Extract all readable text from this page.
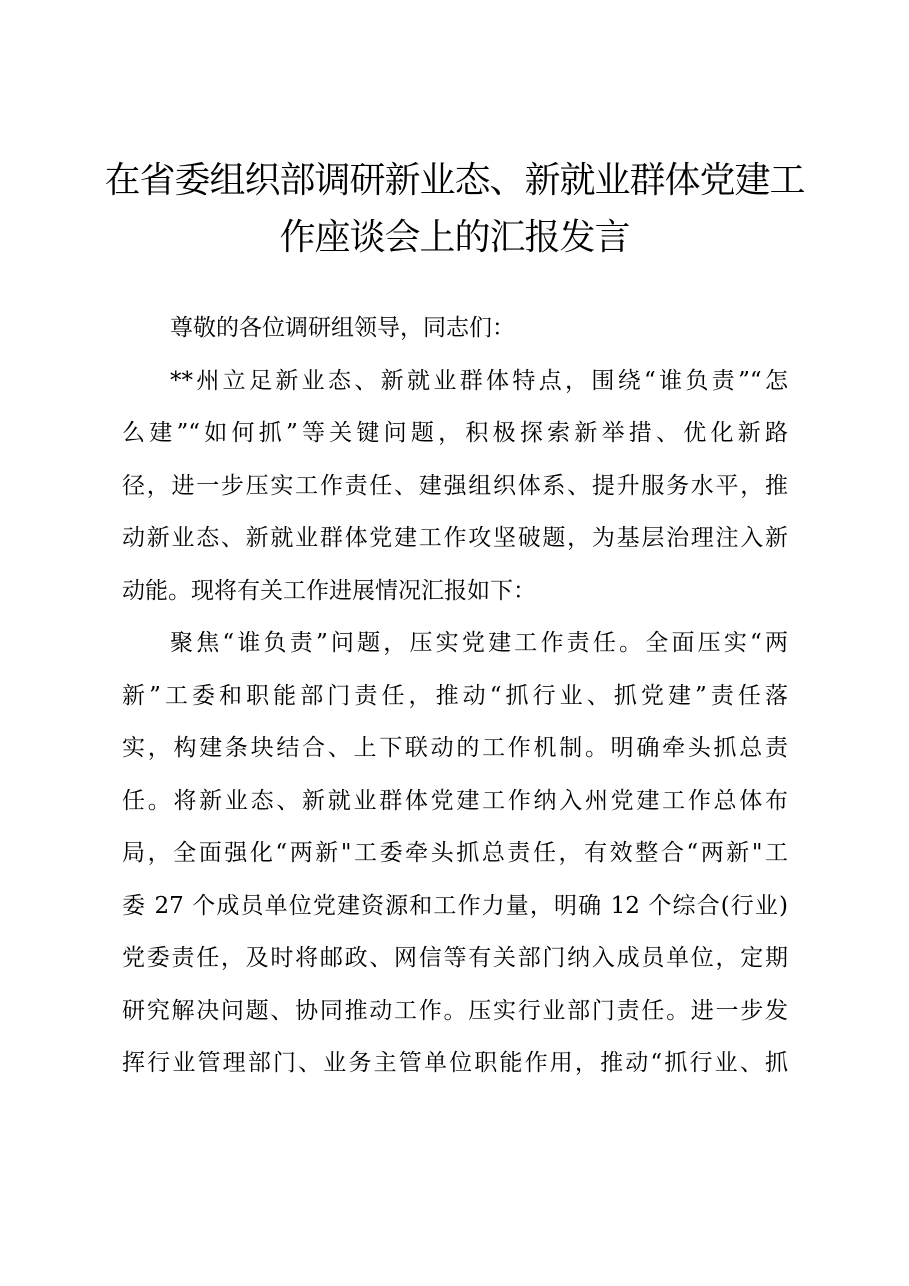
在省委组织部调研新业态、新就业群体党建工
作座谈会上的汇报发言
尊敬的各位调研组领导，同志们：
**州立足新业态、新就业群体特点，围绕“谁负责”“怎
么建”“如何抓”等关键问题，积极探索新举措、优化新路
径，进一步压实工作责任、建强组织体系、提升服务水平，推
动新业态、新就业群体党建工作攻坚破题，为基层治理注入新
动能。现将有关工作进展情况汇报如下：
聚焦“谁负责”问题，压实党建工作责任。全面压实“两
新”工委和职能部门责任，推动“抓行业、抓党建”责任落
实，构建条块结合、上下联动的工作机制。明确牵头抓总责
任。将新业态、新就业群体党建工作纳入州党建工作总体布
局，全面强化“两新"工委牵头抓总责任，有效整合“两新"工
委 27 个成员单位党建资源和工作力量，明确 12 个综合(行业)
党委责任，及时将邮政、网信等有关部门纳入成员单位，定期
研究解决问题、协同推动工作。压实行业部门责任。进一步发
挥行业管理部门、业务主管单位职能作用，推动“抓行业、抓
